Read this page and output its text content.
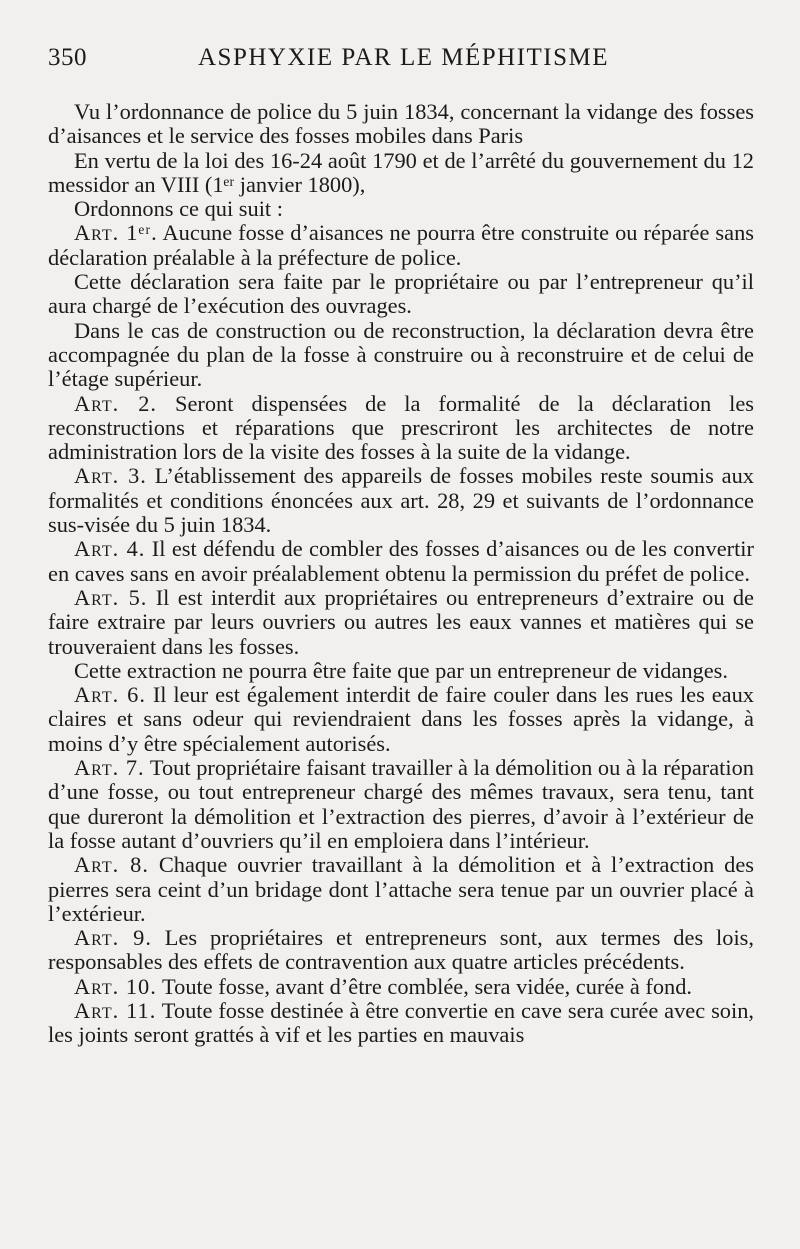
350	ASPHYXIE PAR LE MÉPHITISME

Vu l’ordonnance de police du 5 juin 1834, concernant la vidange des fosses d’aisances et le service des fosses mobiles dans Paris

En vertu de la loi des 16-24 août 1790 et de l’arrêté du gouvernement du 12 messidor an VIII (1ᵉʳ janvier 1800),

Ordonnons ce qui suit :

Art. 1ᵉʳ. Aucune fosse d’aisances ne pourra être construite ou réparée sans déclaration préalable à la préfecture de police.

Cette déclaration sera faite par le propriétaire ou par l’entrepreneur qu’il aura chargé de l’exécution des ouvrages.

Dans le cas de construction ou de reconstruction, la déclaration devra être accompagnée du plan de la fosse à construire ou à reconstruire et de celui de l’étage supérieur.

Art. 2. Seront dispensées de la formalité de la déclaration les reconstructions et réparations que prescriront les architectes de notre administration lors de la visite des fosses à la suite de la vidange.

Art. 3. L’établissement des appareils de fosses mobiles reste soumis aux formalités et conditions énoncées aux art. 28, 29 et suivants de l’ordonnance sus-visée du 5 juin 1834.

Art. 4. Il est défendu de combler des fosses d’aisances ou de les convertir en caves sans en avoir préalablement obtenu la permission du préfet de police.

Art. 5. Il est interdit aux propriétaires ou entrepreneurs d’extraire ou de faire extraire par leurs ouvriers ou autres les eaux vannes et matières qui se trouveraient dans les fosses.

Cette extraction ne pourra être faite que par un entrepreneur de vidanges.

Art. 6. Il leur est également interdit de faire couler dans les rues les eaux claires et sans odeur qui reviendraient dans les fosses après la vidange, à moins d’y être spécialement autorisés.

Art. 7. Tout propriétaire faisant travailler à la démolition ou à la réparation d’une fosse, ou tout entrepreneur chargé des mêmes travaux, sera tenu, tant que dureront la démolition et l’extraction des pierres, d’avoir à l’extérieur de la fosse autant d’ouvriers qu’il en emploiera dans l’intérieur.

Art. 8. Chaque ouvrier travaillant à la démolition et à l’extraction des pierres sera ceint d’un bridage dont l’attache sera tenue par un ouvrier placé à l’extérieur.

Art. 9. Les propriétaires et entrepreneurs sont, aux termes des lois, responsables des effets de contravention aux quatre articles précédents.

Art. 10. Toute fosse, avant d’être comblée, sera vidée, curée à fond.

Art. 11. Toute fosse destinée à être convertie en cave sera curée avec soin, les joints seront grattés à vif et les parties en mauvais
